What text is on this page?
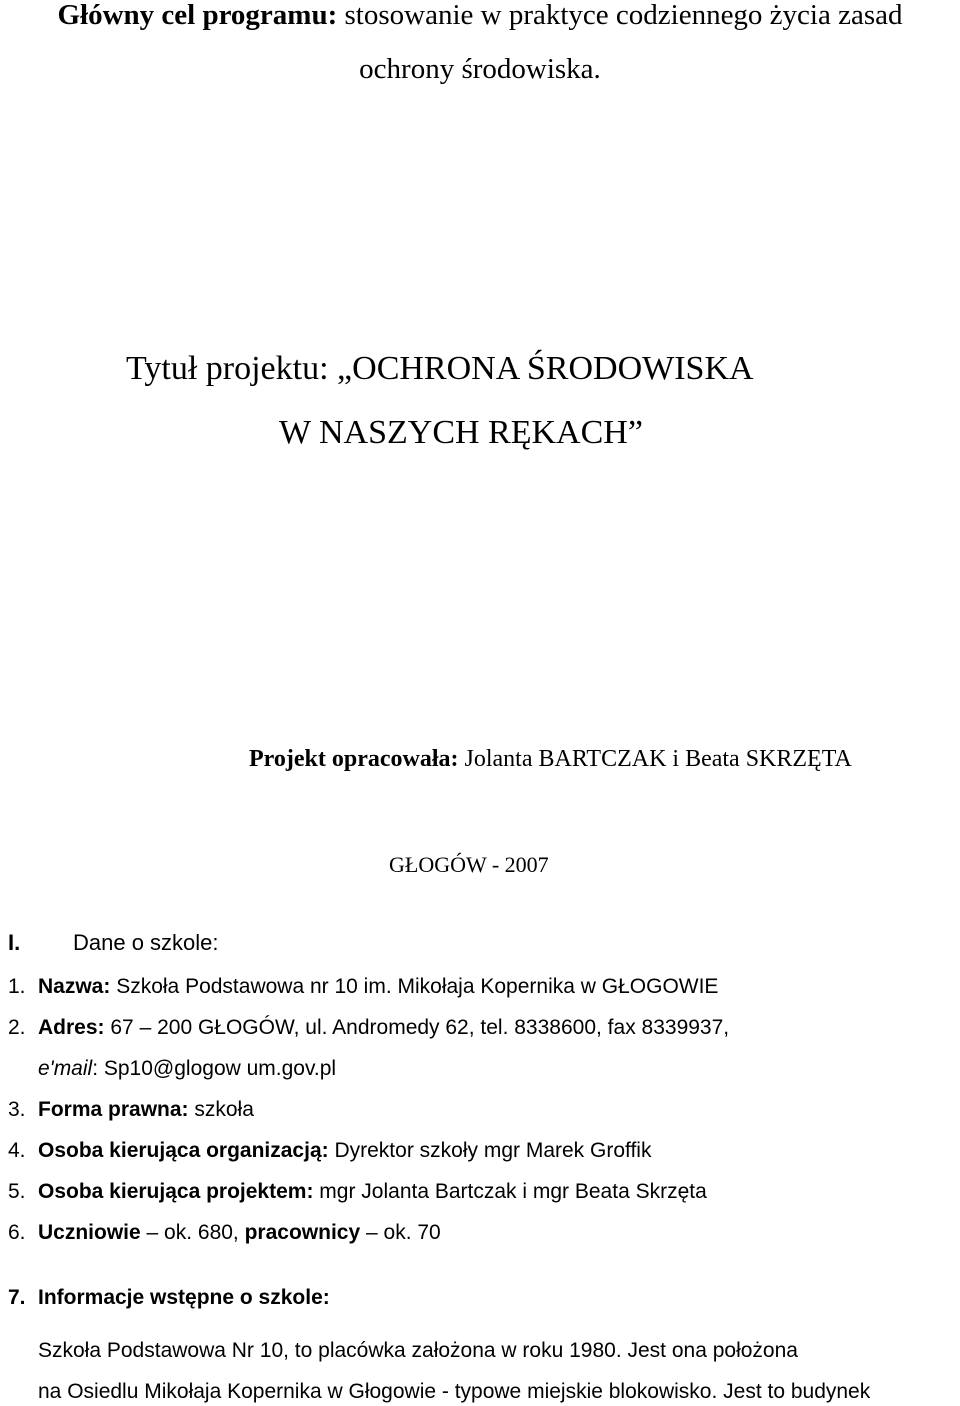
Główny cel programu: stosowanie w praktyce codziennego życia zasad
ochrony środowiska.
Tytuł projektu: „OCHRONA ŚRODOWISKA
W NASZYCH RĘKACH”
Projekt opracowała: Jolanta BARTCZAK i Beata SKRZĘTA
GŁOGÓW - 2007
I. Dane o szkole:
1. Nazwa: Szkoła Podstawowa nr 10 im. Mikołaja Kopernika w GŁOGOWIE
2. Adres: 67 – 200 GŁOGÓW, ul. Andromedy 62, tel. 8338600, fax 8339937,
e'mail: Sp10@glogow um.gov.pl
3. Forma prawna: szkoła
4. Osoba kierująca organizacją: Dyrektor szkoły mgr Marek Groffik
5. Osoba kierująca projektem: mgr Jolanta Bartczak i mgr Beata Skrzęta
6. Uczniowie – ok. 680, pracownicy – ok. 70
7. Informacje wstępne o szkole:
Szkoła Podstawowa Nr 10, to placówka założona w roku 1980. Jest ona położona
na Osiedlu Mikołaja Kopernika w Głogowie - typowe miejskie blokowisko. Jest to budynek
